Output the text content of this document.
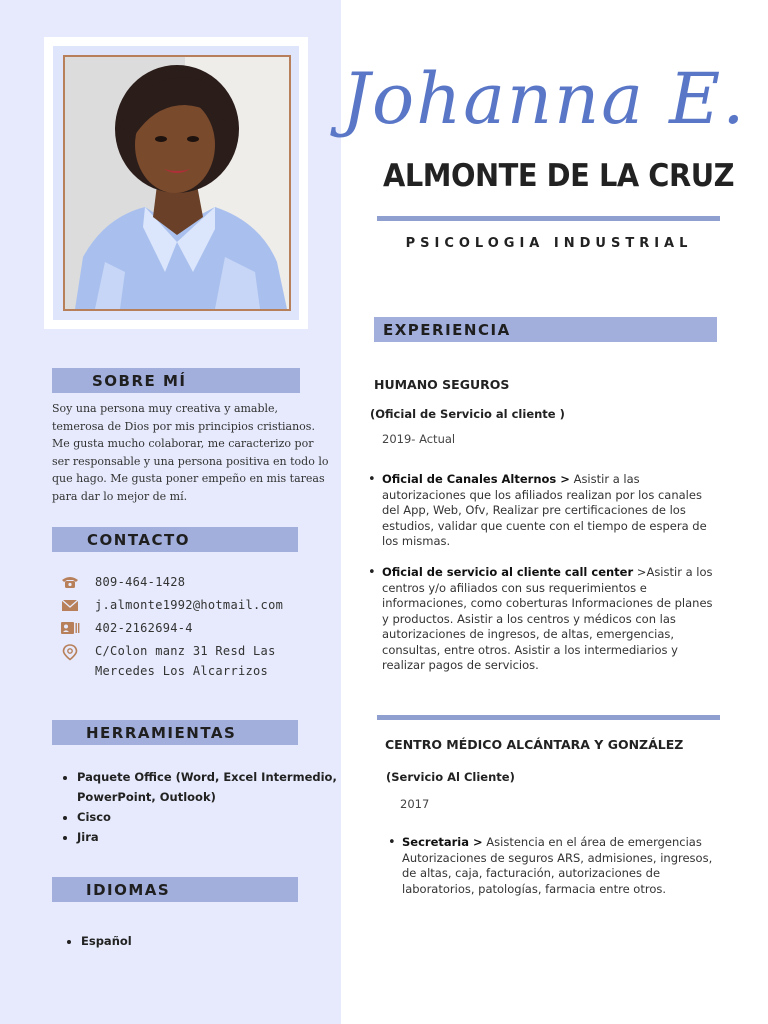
Johanna E.
ALMONTE DE LA CRUZ
PSICOLOGIA INDUSTRIAL
SOBRE MÍ
Soy una persona muy creativa y amable, temerosa de Dios por mis principios cristianos. Me gusta mucho colaborar, me caracterizo por ser responsable y una persona positiva en todo lo que hago. Me gusta poner empeño en mis tareas para dar lo mejor de mí.
CONTACTO
809-464-1428
j.almonte1992@hotmail.com
402-2162694-4
C/Colon manz 31 Resd Las Mercedes Los Alcarrizos
HERRAMIENTAS
• Paquete Office (Word, Excel Intermedio, PowerPoint, Outlook)
• Cisco
• Jira
IDIOMAS
• Español
EXPERIENCIA
HUMANO SEGUROS
(Oficial de Servicio al cliente )
2019- Actual
• Oficial de Canales Alternos > Asistir a las autorizaciones que los afiliados realizan por los canales del App, Web, Ofv, Realizar pre certificaciones de los estudios, validar que cuente con el tiempo de espera de los mismas.
• Oficial de servicio al cliente call center >Asistir a los centros y/o afiliados con sus requerimientos e informaciones, como coberturas Informaciones de planes y productos. Asistir a los centros y médicos con las autorizaciones de ingresos, de altas, emergencias, consultas, entre otros. Asistir a los intermediarios y realizar pagos de servicios.
CENTRO MÉDICO ALCÁNTARA Y GONZÁLEZ
(Servicio Al Cliente)
2017
• Secretaria > Asistencia en el área de emergencias Autorizaciones de seguros ARS, admisiones, ingresos, de altas, caja, facturación, autorizaciones de laboratorios, patologías, farmacia entre otros.
